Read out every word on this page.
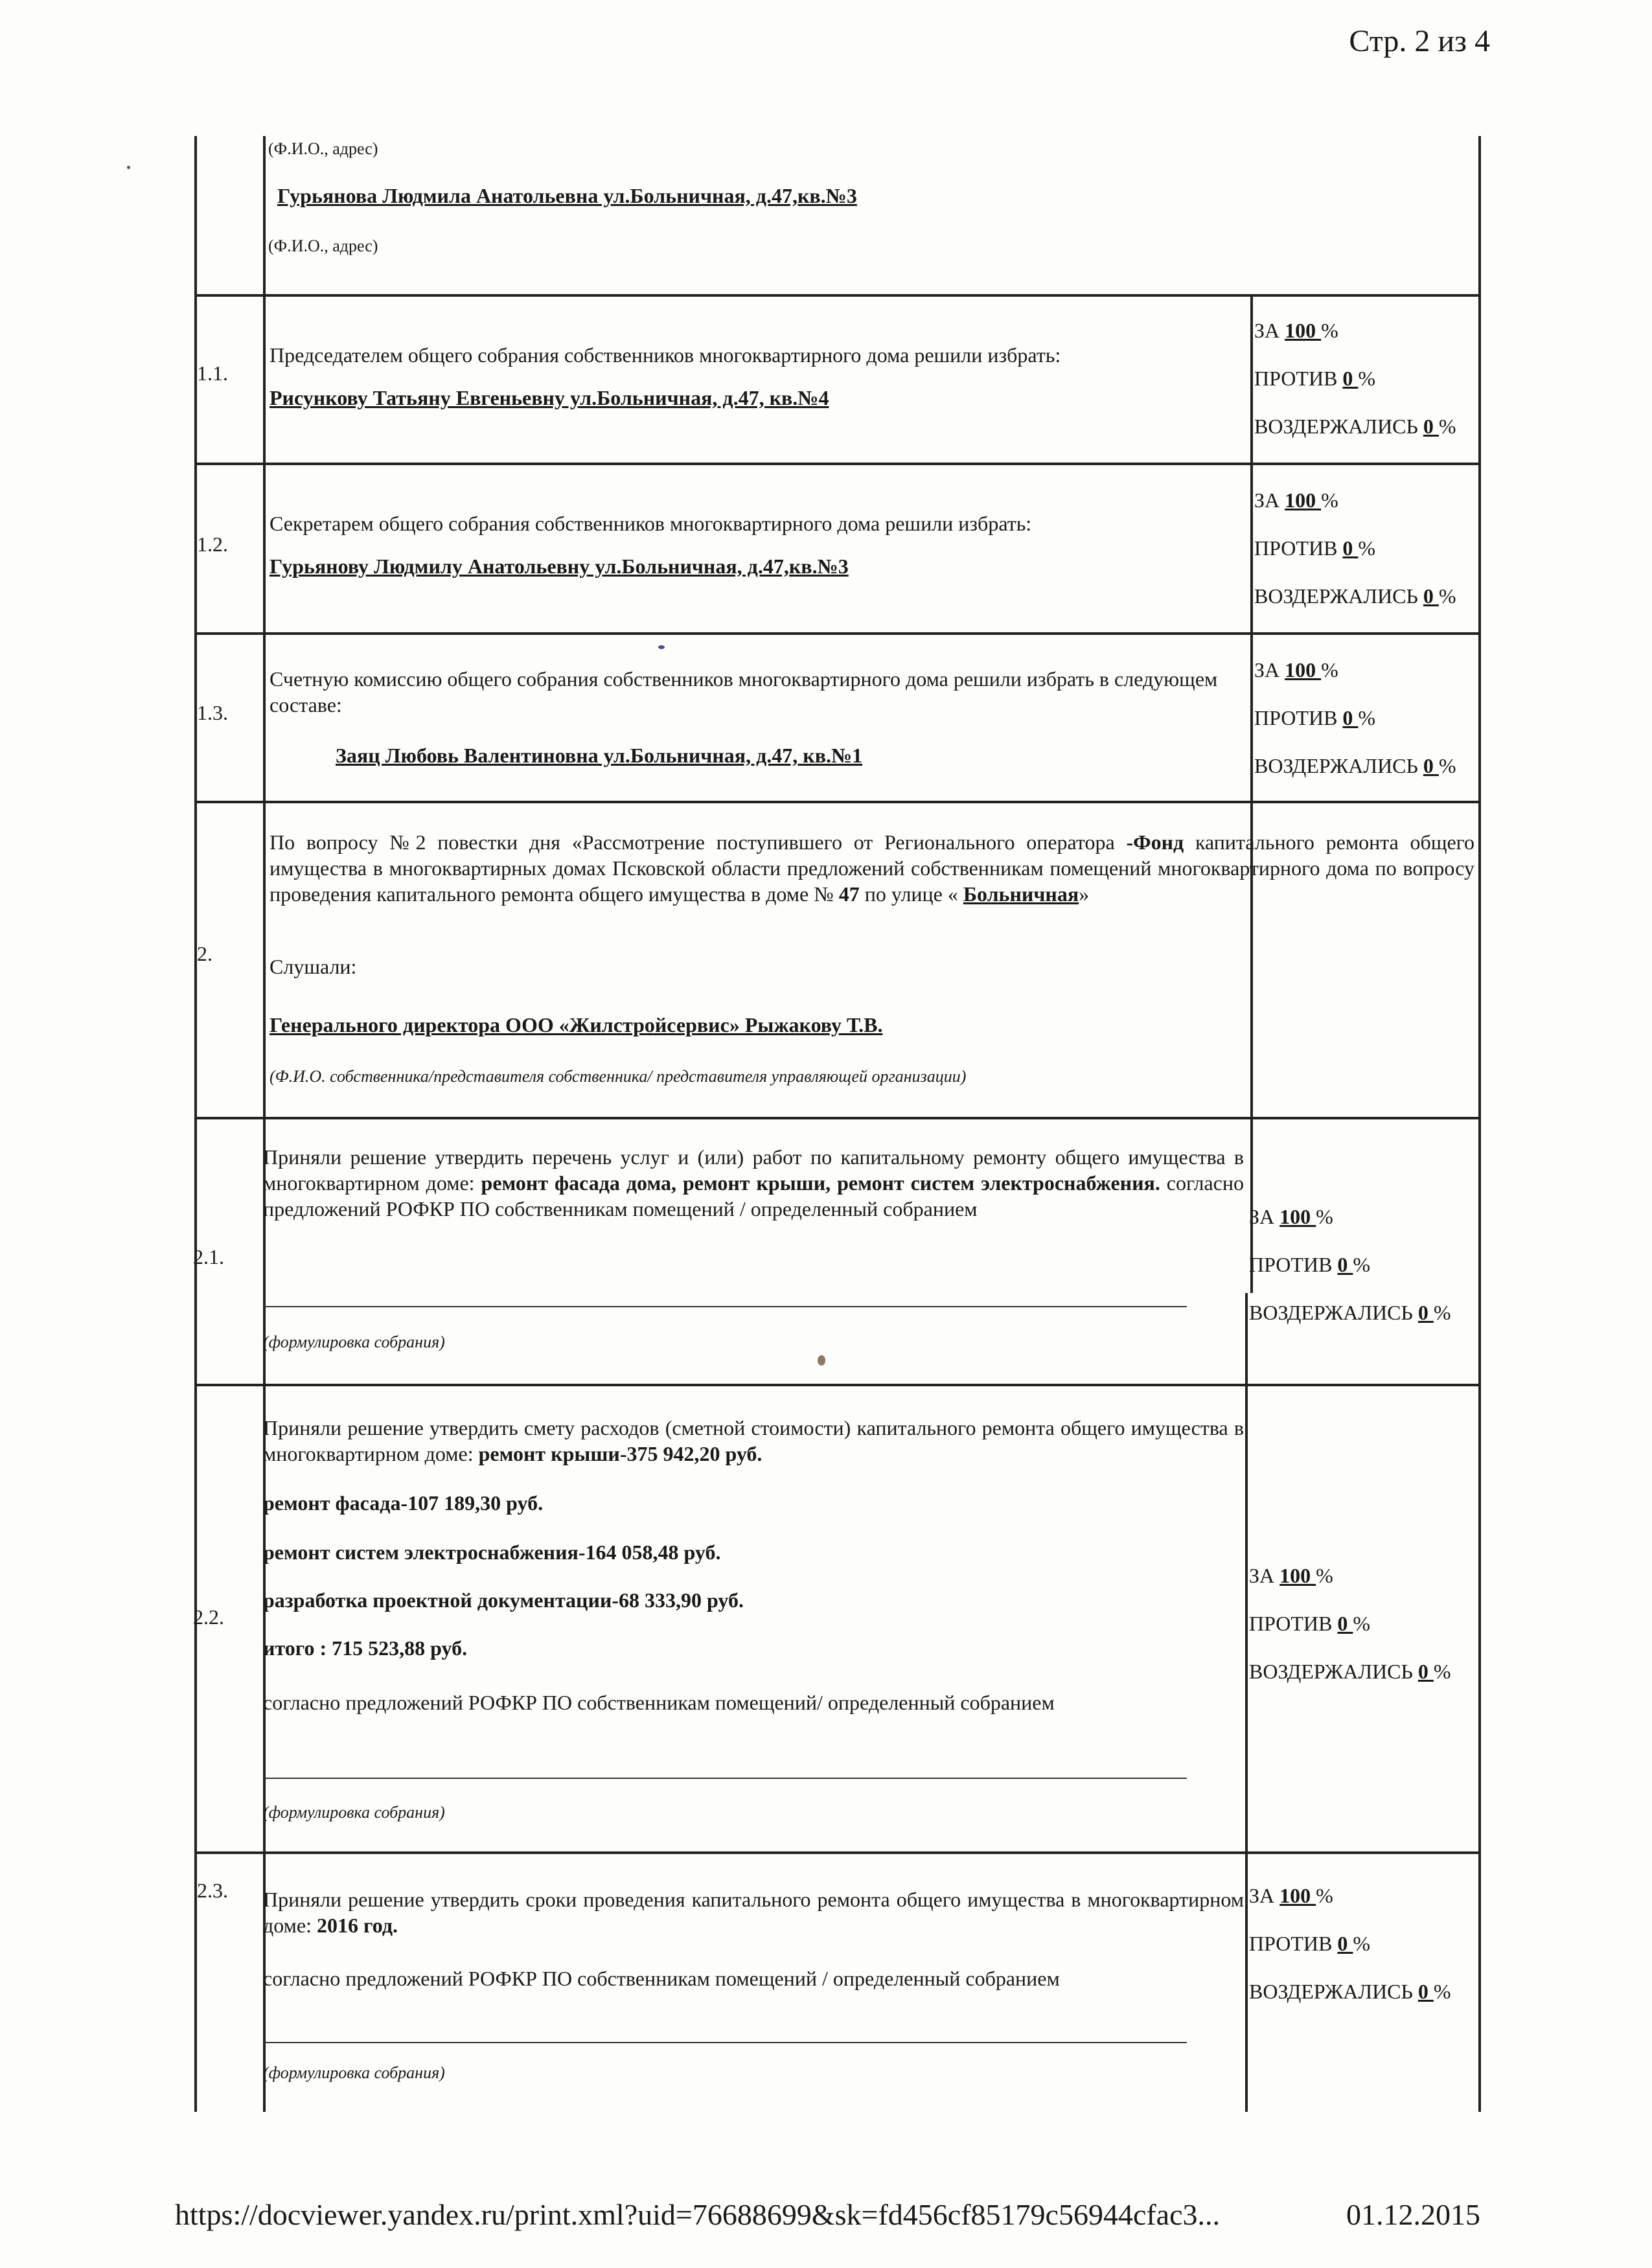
Стр. 2 из 4
(Ф.И.О., адрес)
Гурьянова Людмила Анатольевна ул.Больничная, д.47,кв.№3
(Ф.И.О., адрес)
1.1.
Председателем общего собрания собственников многоквартирного дома решили избрать:
Рисункову Татьяну Евгеньевну ул.Больничная, д.47, кв.№4
ЗА 100 %
ПРОТИВ 0 %
ВОЗДЕРЖАЛИСЬ 0 %
1.2.
Секретарем общего собрания собственников многоквартирного дома решили избрать:
Гурьянову Людмилу Анатольевну ул.Больничная, д.47,кв.№3
ЗА 100 %
ПРОТИВ 0 %
ВОЗДЕРЖАЛИСЬ 0 %
1.3.
Счетную комиссию общего собрания собственников многоквартирного дома решили избрать в следующем составе:
Заяц Любовь Валентиновна ул.Больничная, д.47, кв.№1
ЗА 100 %
ПРОТИВ 0 %
ВОЗДЕРЖАЛИСЬ 0 %
2.
По вопросу №2 повестки дня «Рассмотрение поступившего от Регионального оператора -Фонд капитального ремонта общего имущества в многоквартирных домах Псковской области предложений собственникам помещений многоквартирного дома по вопросу проведения капитального ремонта общего имущества в доме № 47 по улице « Больничная»
Слушали:
Генерального директора ООО «Жилстройсервис» Рыжакову Т.В.
(Ф.И.О. собственника/представителя собственника/ представителя управляющей организации)
2.1.
Приняли решение утвердить перечень услуг и (или) работ по капитальному ремонту общего имущества в многоквартирном доме: ремонт фасада дома, ремонт крыши, ремонт систем электроснабжения. согласно предложений РОФКР ПО собственникам помещений / определенный собранием
(формулировка собрания)
ЗА 100 %
ПРОТИВ 0 %
ВОЗДЕРЖАЛИСЬ 0 %
2.2.
Приняли решение утвердить смету расходов (сметной стоимости) капитального ремонта общего имущества в многоквартирном доме: ремонт крыши-375 942,20 руб.
ремонт фасада-107 189,30 руб.
ремонт систем электроснабжения-164 058,48 руб.
разработка проектной документации-68 333,90 руб.
итого : 715 523,88 руб.
согласно предложений РОФКР ПО собственникам помещений/ определенный собранием
(формулировка собрания)
ЗА 100 %
ПРОТИВ 0 %
ВОЗДЕРЖАЛИСЬ 0 %
2.3. Приняли решение утвердить сроки проведения капитального ремонта общего имущества в многоквартирном доме: 2016 год.
согласно предложений РОФКР ПО собственникам помещений / определенный собранием
(формулировка собрания)
ЗА 100 %
ПРОТИВ 0 %
ВОЗДЕРЖАЛИСЬ 0 %
https://docviewer.yandex.ru/print.xml?uid=76688699&sk=fd456cf85179c56944cfac3...	01.12.2015
